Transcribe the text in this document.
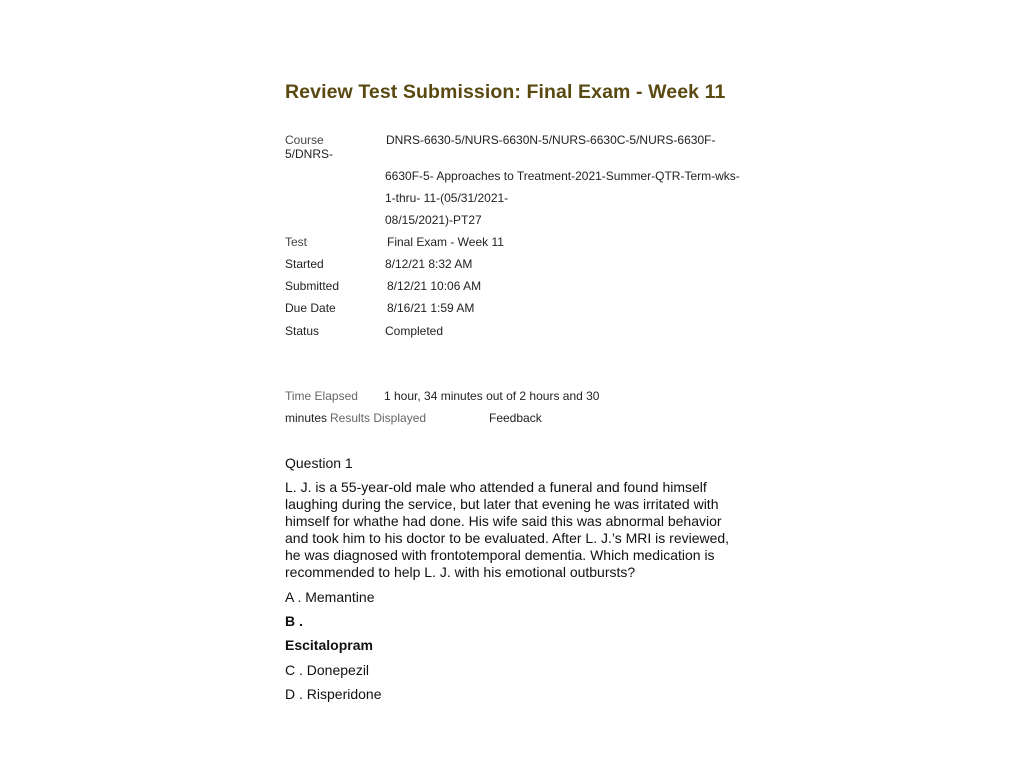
Review Test Submission: Final Exam - Week 11
Course	DNRS-6630-5/NURS-6630N-5/NURS-6630C-5/NURS-6630F-
5/DNRS-
6630F-5- Approaches to Treatment-2021-Summer-QTR-Term-wks-
1-thru- 11-(05/31/2021-
08/15/2021)-PT27
Test	Final Exam - Week 11
Started	8/12/21 8:32 AM
Submitted	8/12/21 10:06 AM
Due Date	8/16/21 1:59 AM
Status	Completed
Time Elapsed 1 hour, 34 minutes out of 2 hours and 30
minutes Results Displayed	Feedback
Question 1
L. J. is a 55-year-old male who attended a funeral and found himself laughing during the service, but later that evening he was irritated with himself for whathe had done. His wife said this was abnormal behavior and took him to his doctor to be evaluated. After L. J.’s MRI is reviewed, he was diagnosed with frontotemporal dementia. Which medication is recommended to help L. J. with his emotional outbursts?
A . Memantine
B .
Escitalopram
C . Donepezil
D . Risperidone
